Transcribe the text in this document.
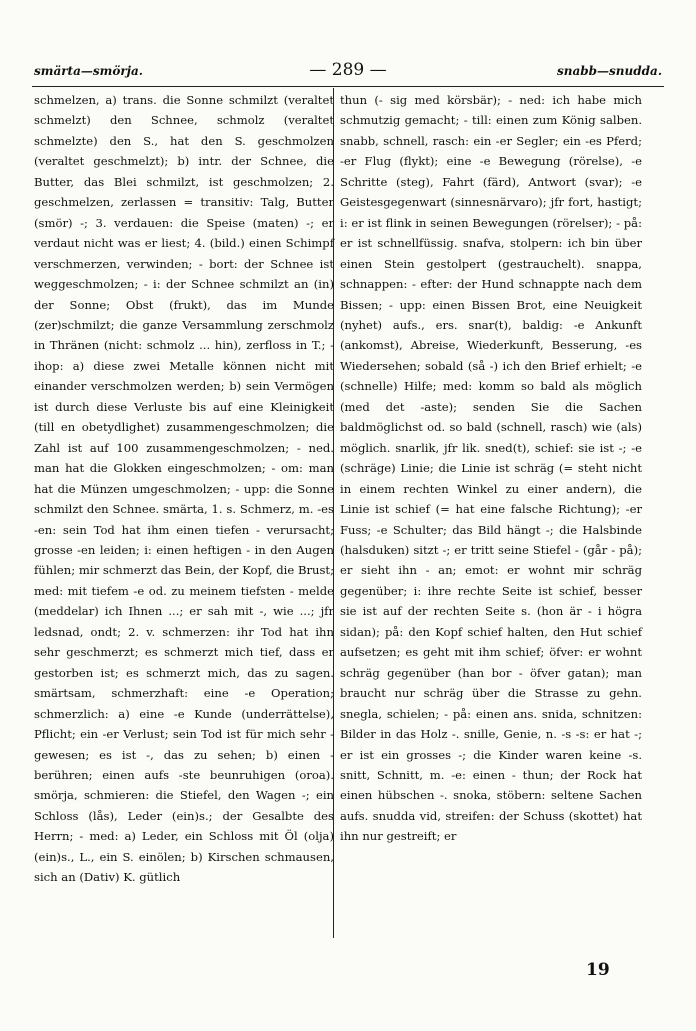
smärta—smörja.	— 289 —	snabb—snudda.

schmelzen, a) trans. die Sonne schmilzt (veraltet schmelzt) den Schnee, schmolz (veraltet schmelzte) den S., hat den S. geschmolzen (veraltet geschmelzt); b) intr. der Schnee, die Butter, das Blei schmilzt, ist geschmolzen; 2. geschmelzen, zerlassen = transitiv: Talg, Butter (smör) -; 3. verdauen: die Speise (maten) -; er verdaut nicht was er liest; 4. (bild.) einen Schimpf verschmerzen, verwinden; - bort: der Schnee ist weggeschmolzen; - i: der Schnee schmilzt an (in) der Sonne; Obst (frukt), das im Munde (zer)schmilzt; die ganze Versammlung zerschmolz in Thränen (nicht: schmolz ... hin), zerfloss in T.; - ihop: a) diese zwei Metalle können nicht mit einander verschmolzen werden; b) sein Vermögen ist durch diese Verluste bis auf eine Kleinigkeit (till en obetydlighet) zusammengeschmolzen; die Zahl ist auf 100 zusammengeschmolzen; - ned. man hat die Glokken eingeschmolzen; - om: man hat die Münzen umgeschmolzen; - upp: die Sonne schmilzt den Schnee. smärta, 1. s. Schmerz, m. -es -en: sein Tod hat ihm einen tiefen - verursacht; grosse -en leiden; i: einen heftigen - in den Augen fühlen; mir schmerzt das Bein, der Kopf, die Brust; med: mit tiefem -e od. zu meinem tiefsten - melde (meddelar) ich Ihnen ...; er sah mit -, wie ...; jfr ledsnad, ondt; 2. v. schmerzen: ihr Tod hat ihn sehr geschmerzt; es schmerzt mich tief, dass er gestorben ist; es schmerzt mich, das zu sagen. smärtsam, schmerzhaft: eine -e Operation; schmerzlich: a) eine -e Kunde (underrättelse), Pflicht; ein -er Verlust; sein Tod ist für mich sehr - gewesen; es ist -, das zu sehen; b) einen - berühren; einen aufs -ste beunruhigen (oroa). smörja, schmieren: die Stiefel, den Wagen -; ein Schloss (lås), Leder (ein)s.; der Gesalbte des Herrn; - med: a) Leder, ein Schloss mit Öl (olja) (ein)s., L., ein S. einölen; b) Kirschen schmausen, sich an (Dativ) K. gütlich

thun (- sig med körsbär); - ned: ich habe mich schmutzig gemacht; - till: einen zum König salben. snabb, schnell, rasch: ein -er Segler; ein -es Pferd; -er Flug (flykt); eine -e Bewegung (rörelse), -e Schritte (steg), Fahrt (färd), Antwort (svar); -e Geistesgegenwart (sinnesnärvaro); jfr fort, hastigt; i: er ist flink in seinen Bewegungen (rörelser); - på: er ist schnellfüssig. snafva, stolpern: ich bin über einen Stein gestolpert (gestrauchelt). snappa, schnappen: - efter: der Hund schnappte nach dem Bissen; - upp: einen Bissen Brot, eine Neuigkeit (nyhet) aufs., ers. snar(t), baldig: -e Ankunft (ankomst), Abreise, Wiederkunft, Besserung, -es Wiedersehen; sobald (så -) ich den Brief erhielt; -e (schnelle) Hilfe; med: komm so bald als möglich (med det -aste); senden Sie die Sachen baldmöglichst od. so bald (schnell, rasch) wie (als) möglich. snarlik, jfr lik. sned(t), schief: sie ist -; -e (schräge) Linie; die Linie ist schräg (= steht nicht in einem rechten Winkel zu einer andern), die Linie ist schief (= hat eine falsche Richtung); -er Fuss; -e Schulter; das Bild hängt -; die Halsbinde (halsduken) sitzt -; er tritt seine Stiefel - (går - på); er sieht ihn - an; emot: er wohnt mir schräg gegenüber; i: ihre rechte Seite ist schief, besser sie ist auf der rechten Seite s. (hon är - i högra sidan); på: den Kopf schief halten, den Hut schief aufsetzen; es geht mit ihm schief; öfver: er wohnt schräg gegenüber (han bor - öfver gatan); man braucht nur schräg über die Strasse zu gehn. snegla, schielen; - på: einen ans. snida, schnitzen: Bilder in das Holz -. snille, Genie, n. -s -s: er hat -; er ist ein grosses -; die Kinder waren keine -s. snitt, Schnitt, m. -e: einen - thun; der Rock hat einen hübschen -. snoka, stöbern: seltene Sachen aufs. snudda vid, streifen: der Schuss (skottet) hat ihn nur gestreift; er

19
